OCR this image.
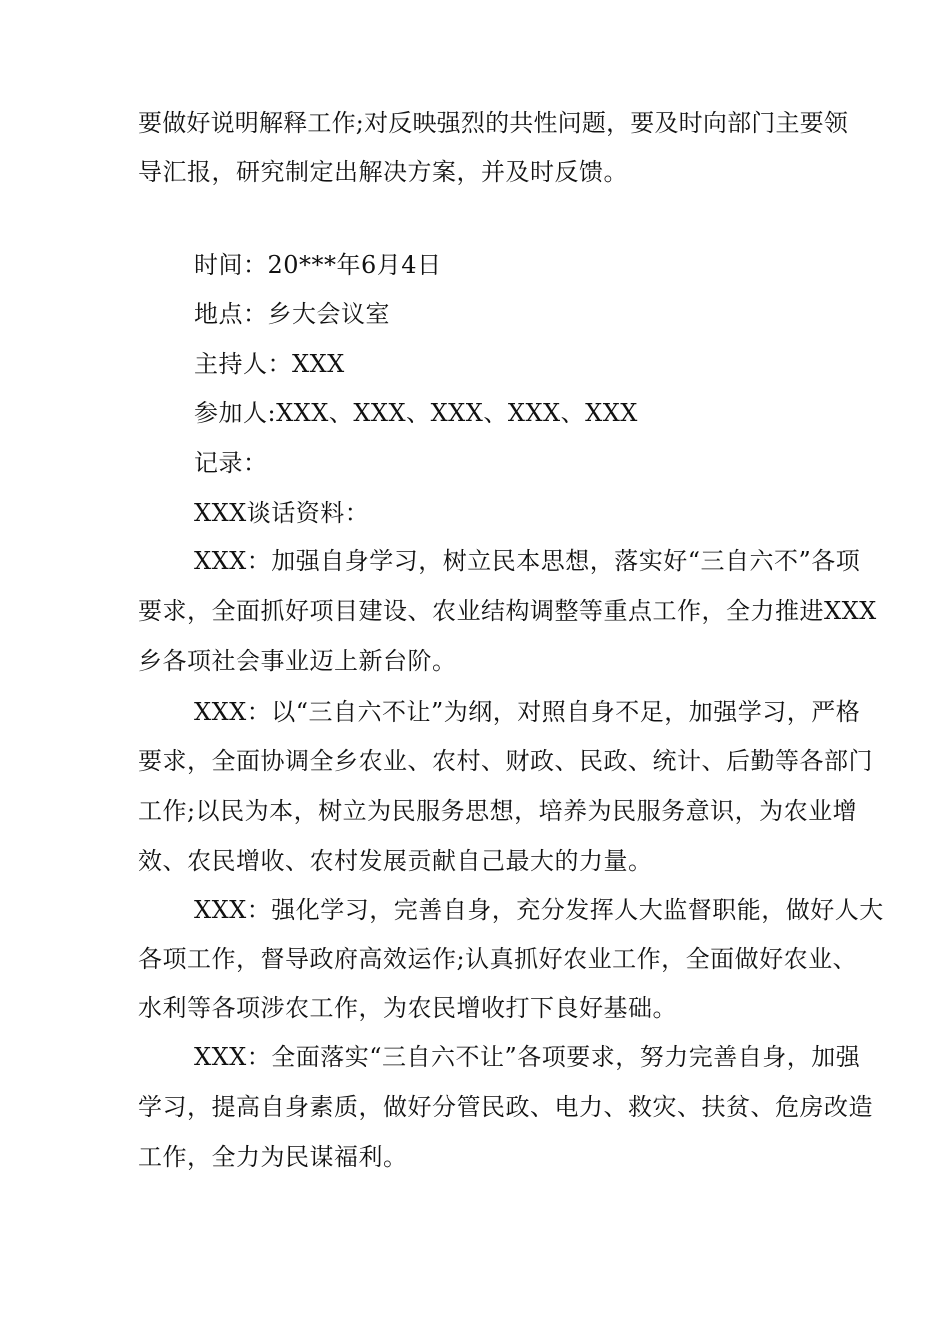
要做好说明解释工作;对反映强烈的共性问题，要及时向部门主要领
导汇报，研究制定出解决方案，并及时反馈。
时间：20***年6月4日
地点：乡大会议室
主持人：XXX
参加人:XXX、XXX、XXX、XXX、XXX
记录：
XXX谈话资料：
XXX：加强自身学习，树立民本思想，落实好“三自六不”各项
要求，全面抓好项目建设、农业结构调整等重点工作，全力推进XXX
乡各项社会事业迈上新台阶。
XXX：以“三自六不让”为纲，对照自身不足，加强学习，严格
要求，全面协调全乡农业、农村、财政、民政、统计、后勤等各部门
工作;以民为本，树立为民服务思想，培养为民服务意识，为农业增
效、农民增收、农村发展贡献自己最大的力量。
XXX：强化学习，完善自身，充分发挥人大监督职能，做好人大
各项工作，督导政府高效运作;认真抓好农业工作，全面做好农业、
水利等各项涉农工作，为农民增收打下良好基础。
XXX：全面落实“三自六不让”各项要求，努力完善自身，加强
学习，提高自身素质，做好分管民政、电力、救灾、扶贫、危房改造
工作，全力为民谋福利。
